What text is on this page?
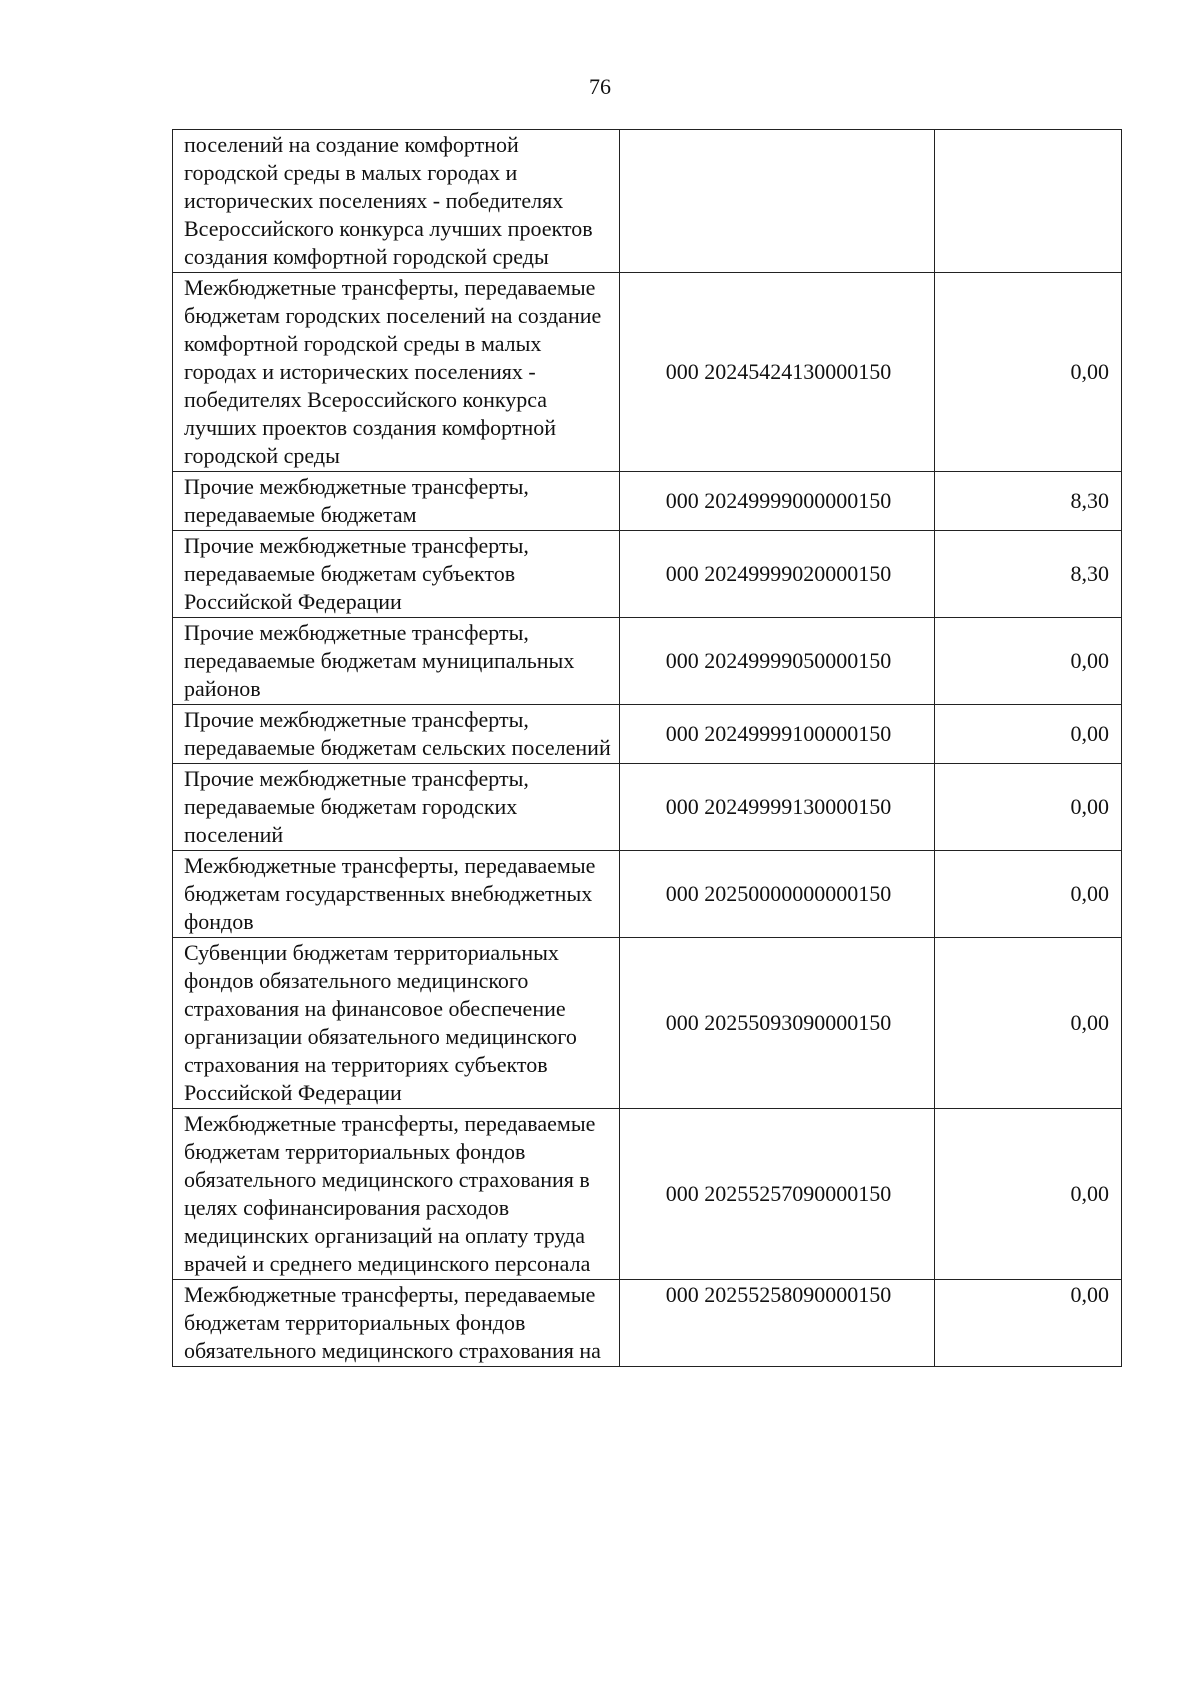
76
поселений на создание комфортной городской среды в малых городах и исторических поселениях - победителях Всероссийского конкурса лучших проектов создания комфортной городской среды		
Межбюджетные трансферты, передаваемые бюджетам городских поселений на создание комфортной городской среды в малых городах и исторических поселениях - победителях Всероссийского конкурса лучших проектов создания комфортной городской среды	000 20245424130000150	0,00
Прочие межбюджетные трансферты, передаваемые бюджетам	000 20249999000000150	8,30
Прочие межбюджетные трансферты, передаваемые бюджетам субъектов Российской Федерации	000 20249999020000150	8,30
Прочие межбюджетные трансферты, передаваемые бюджетам муниципальных районов	000 20249999050000150	0,00
Прочие межбюджетные трансферты, передаваемые бюджетам сельских поселений	000 20249999100000150	0,00
Прочие межбюджетные трансферты, передаваемые бюджетам городских поселений	000 20249999130000150	0,00
Межбюджетные трансферты, передаваемые бюджетам государственных внебюджетных фондов	000 20250000000000150	0,00
Субвенции бюджетам территориальных фондов обязательного медицинского страхования на финансовое обеспечение организации обязательного медицинского страхования на территориях субъектов Российской Федерации	000 20255093090000150	0,00
Межбюджетные трансферты, передаваемые бюджетам территориальных фондов обязательного медицинского страхования в целях софинансирования расходов медицинских организаций на оплату труда врачей и среднего медицинского персонала	000 20255257090000150	0,00
Межбюджетные трансферты, передаваемые бюджетам территориальных фондов обязательного медицинского страхования на	000 20255258090000150	0,00
